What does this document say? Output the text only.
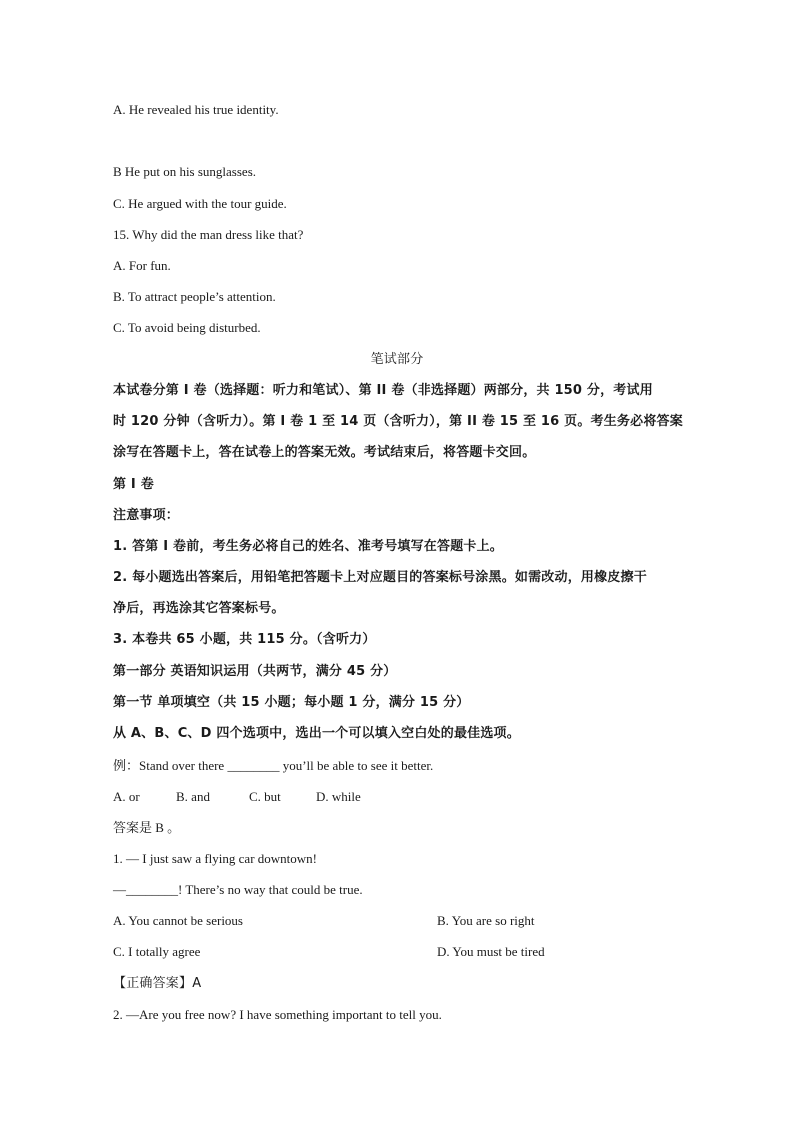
A. He revealed his true identity.
B He put on his sunglasses.
C. He argued with the tour guide.
15. Why did the man dress like that?
A. For fun.
B. To attract people’s attention.
C. To avoid being disturbed.
笔试部分
本试卷分第 I 卷（选择题：听力和笔试）、第 II 卷（非选择题）两部分，共 150 分，考试用
时 120 分钟（含听力）。第 I 卷 1 至 14 页（含听力），第 II 卷 15 至 16 页。考生务必将答案
涂写在答题卡上，答在试卷上的答案无效。考试结束后，将答题卡交回。
第 I 卷
注意事项：
1. 答第 I 卷前，考生务必将自己的姓名、准考号填写在答题卡上。
2. 每小题选出答案后，用铅笔把答题卡上对应题目的答案标号涂黑。如需改动，用橡皮擦干
净后，再选涂其它答案标号。
3. 本卷共 65 小题，共 115 分。（含听力）
第一部分 英语知识运用（共两节，满分 45 分）
第一节 单项填空（共 15 小题；每小题 1 分，满分 15 分）
从 A、B、C、D 四个选项中，选出一个可以填入空白处的最佳选项。
例：Stand over there ________ you’ll be able to see it better.
A. or	B. and	C. but	D. while
答案是 B 。
1. — I just saw a flying car downtown!
—________! There’s no way that could be true.
A. You cannot be serious	B. You are so right
C. I totally agree	D. You must be tired
【正确答案】A
2. —Are you free now? I have something important to tell you.
